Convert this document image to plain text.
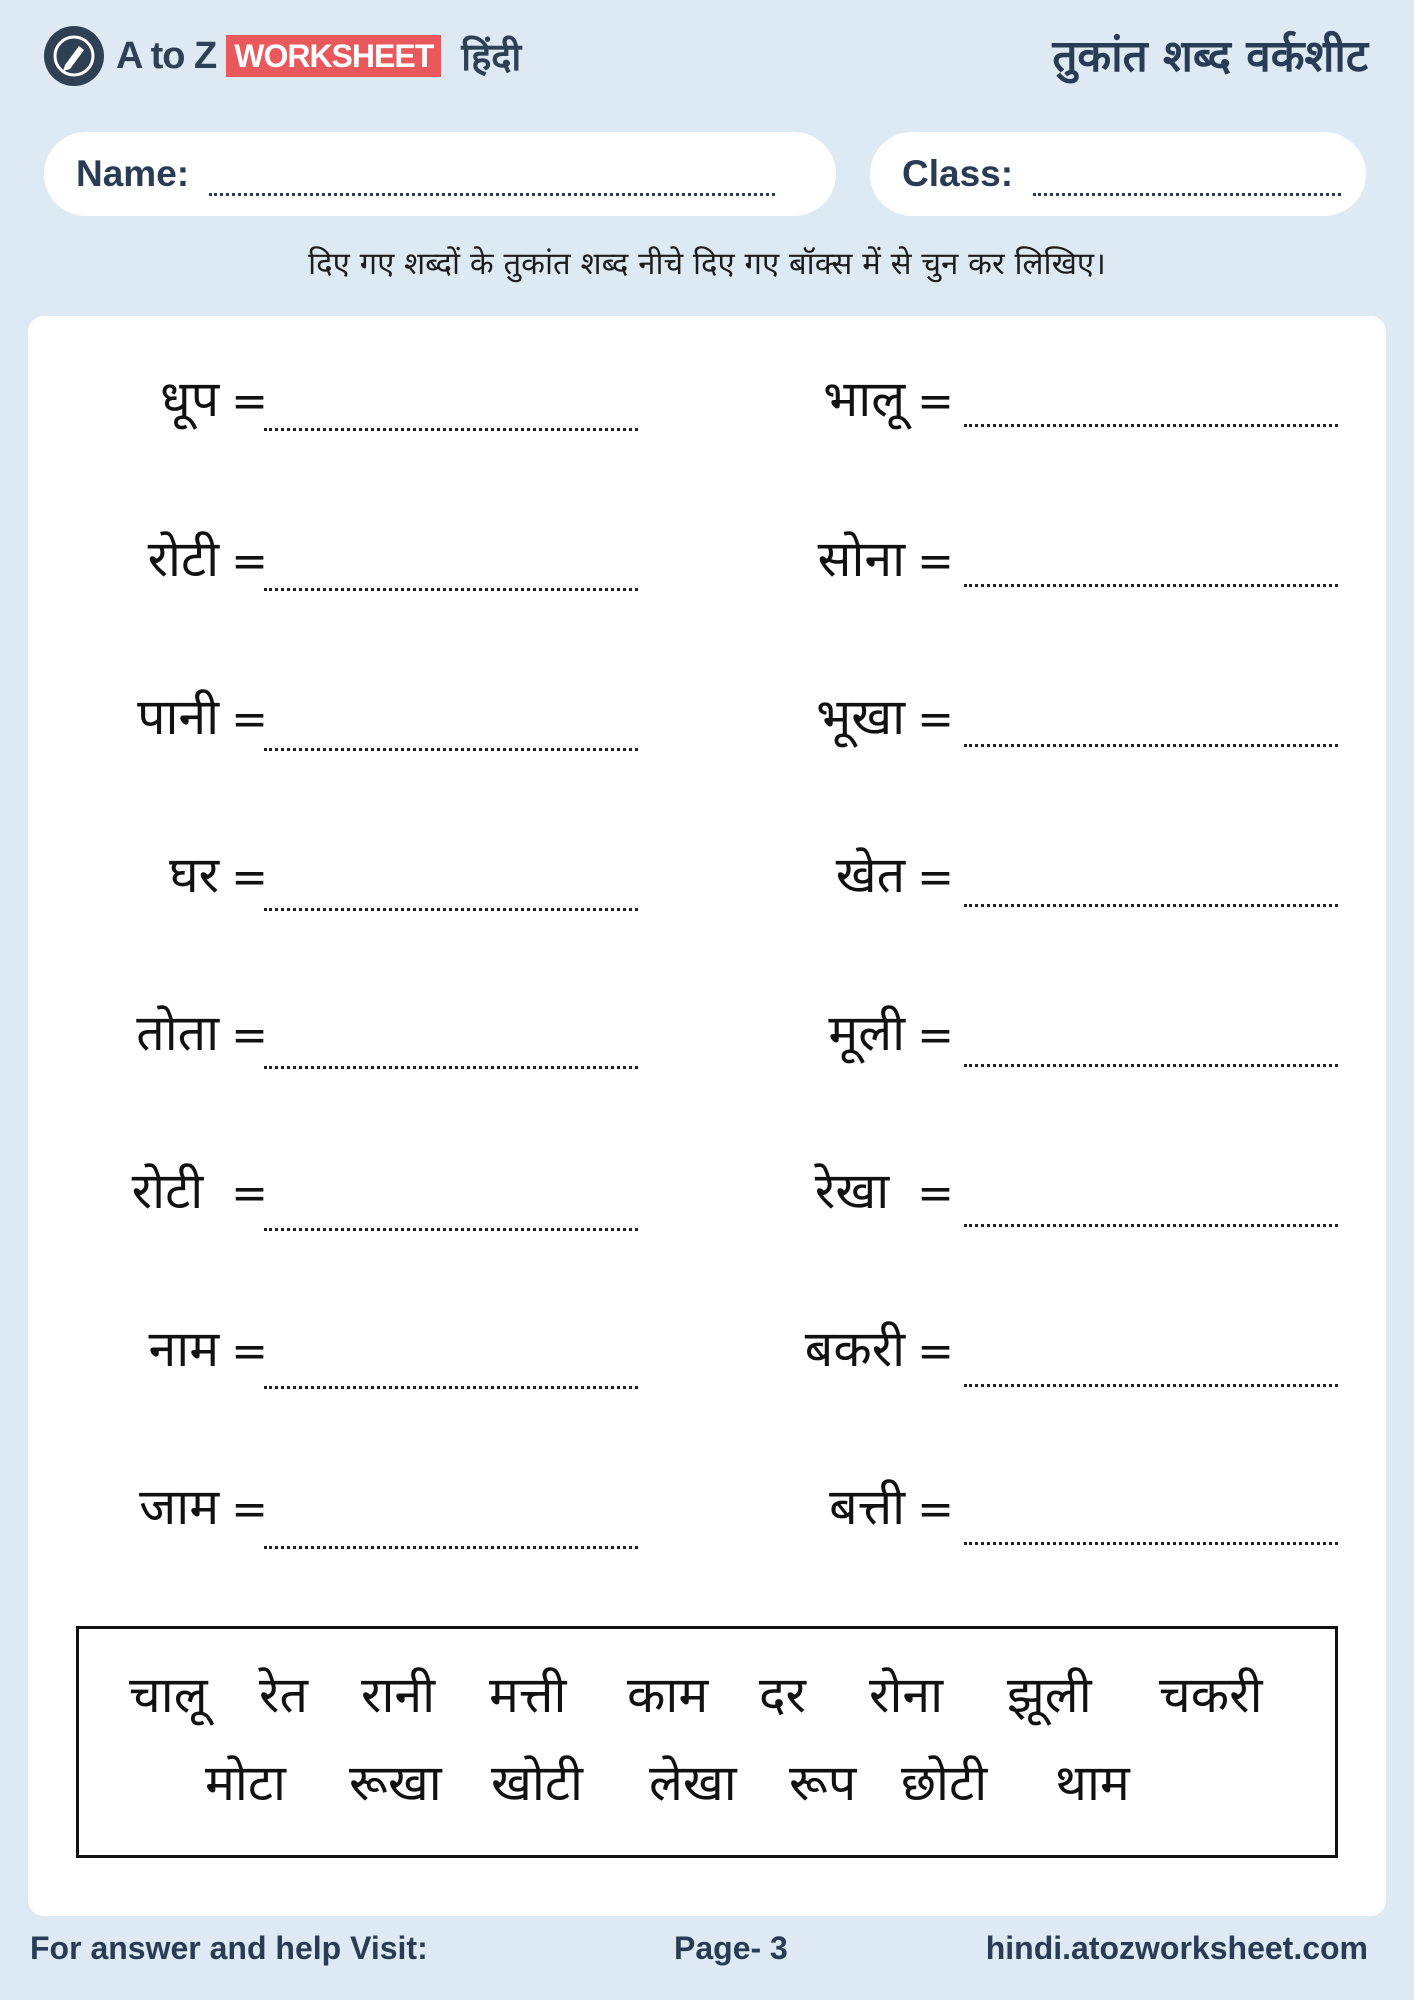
A to Z WORKSHEET हिंदी	तुकांत शब्द वर्कशीट
Name:	Class:
दिए गए शब्दों के तुकांत शब्द नीचे दिए गए बॉक्स में से चुन कर लिखिए।
धूप =
रोटी =
पानी =
घर =
तोता =
रोटी =
नाम =
जाम =
भालू =
सोना =
भूखा =
खेत =
मूली =
रेखा =
बकरी =
बत्ती =
चालू रेत रानी मत्ती काम दर रोना झूली चकरी
मोटा रूखा खोटी लेखा रूप छोटी थाम
For answer and help Visit:	Page- 3	hindi.atozworksheet.com
